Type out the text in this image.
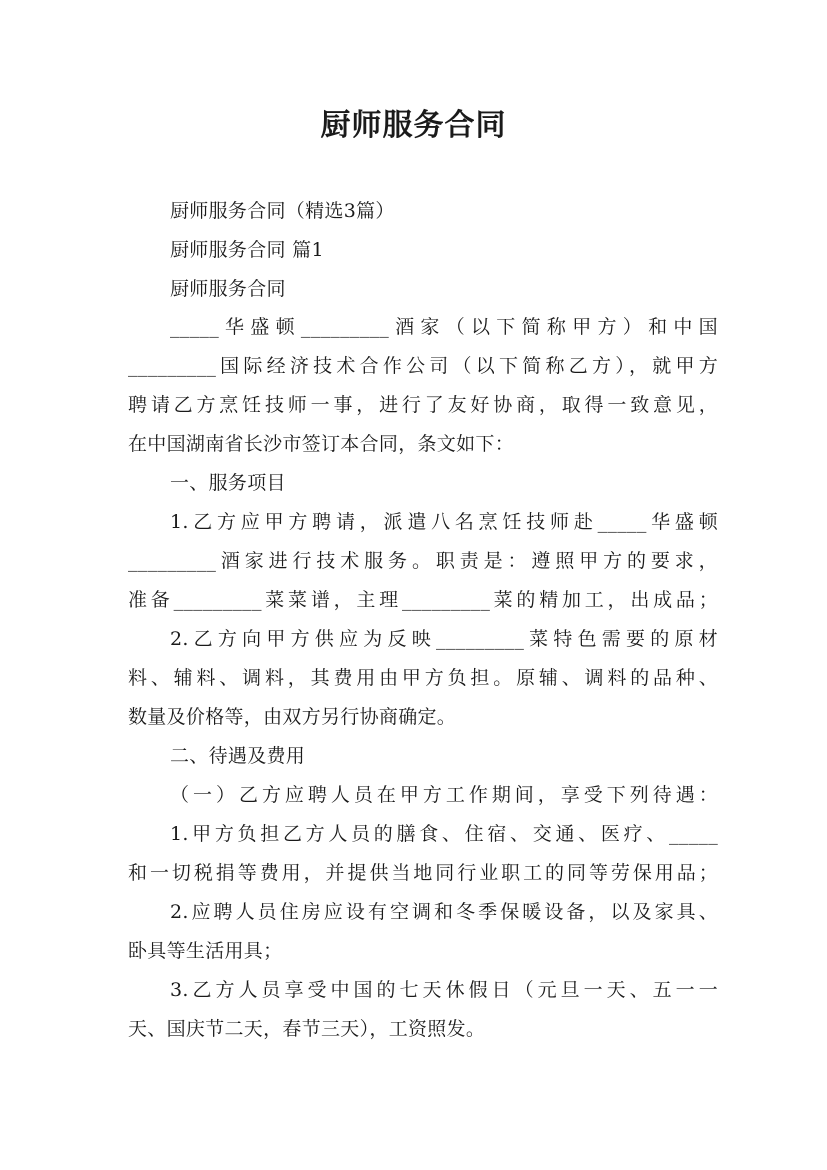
厨师服务合同
厨师服务合同（精选3篇）
厨师服务合同 篇1
厨师服务合同
_____华盛顿_________酒家（以下简称甲方）和中国
_________国际经济技术合作公司（以下简称乙方），就甲方
聘请乙方烹饪技师一事，进行了友好协商，取得一致意见，
在中国湖南省长沙市签订本合同，条文如下：
一、服务项目
1.乙方应甲方聘请，派遣八名烹饪技师赴_____华盛顿
_________酒家进行技术服务。职责是：遵照甲方的要求，
准备_________菜菜谱，主理_________菜的精加工，出成品；
2.乙方向甲方供应为反映_________菜特色需要的原材
料、辅料、调料，其费用由甲方负担。原辅、调料的品种、
数量及价格等，由双方另行协商确定。
二、待遇及费用
（一）乙方应聘人员在甲方工作期间，享受下列待遇：
1.甲方负担乙方人员的膳食、住宿、交通、医疗、_____
和一切税捐等费用，并提供当地同行业职工的同等劳保用品；
2.应聘人员住房应设有空调和冬季保暖设备，以及家具、
卧具等生活用具；
3.乙方人员享受中国的七天休假日（元旦一天、五一一
天、国庆节二天，春节三天），工资照发。
